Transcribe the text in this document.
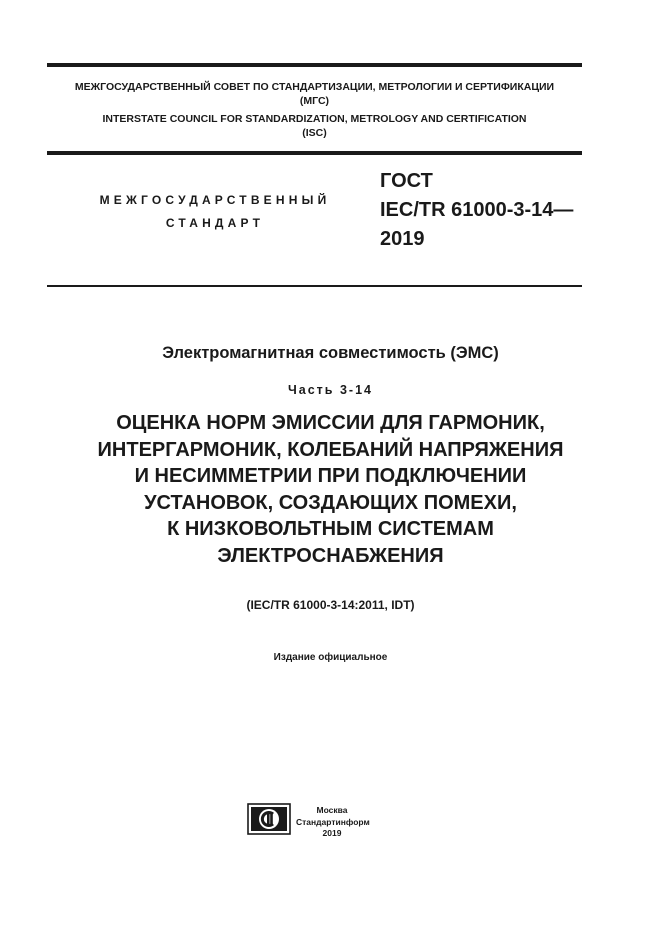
МЕЖГОСУДАРСТВЕННЫЙ СОВЕТ ПО СТАНДАРТИЗАЦИИ, МЕТРОЛОГИИ И СЕРТИФИКАЦИИ
(МГС)
INTERSTATE COUNCIL FOR STANDARDIZATION, METROLOGY AND CERTIFICATION
(ISC)
МЕЖГОСУДАРСТВЕННЫЙ
СТАНДАРТ
ГОСТ
IEC/TR 61000-3-14—
2019
Электромагнитная совместимость (ЭМС)
Часть 3-14
ОЦЕНКА НОРМ ЭМИССИИ ДЛЯ ГАРМОНИК,
ИНТЕРГАРМОНИК, КОЛЕБАНИЙ НАПРЯЖЕНИЯ
И НЕСИММЕТРИИ ПРИ ПОДКЛЮЧЕНИИ
УСТАНОВОК, СОЗДАЮЩИХ ПОМЕХИ,
К НИЗКОВОЛЬТНЫМ СИСТЕМАМ
ЭЛЕКТРОСНАБЖЕНИЯ
(IEC/TR 61000-3-14:2011, IDT)
Издание официальное
Москва
Стандартинформ
2019
